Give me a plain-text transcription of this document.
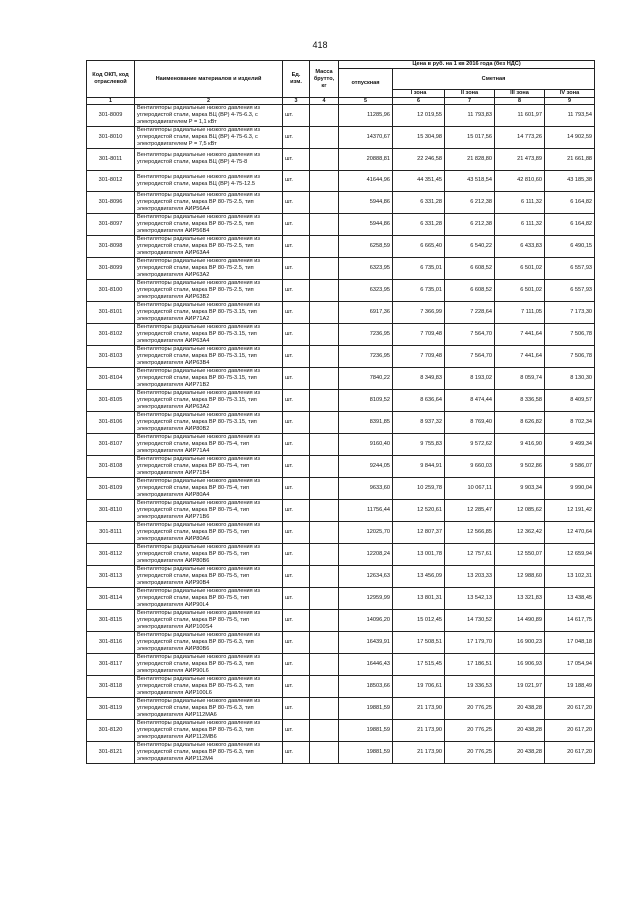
418
Код ОКП, код отраслевой	Наименование материалов и изделий	Ед. изм.	Масса брутто, кг	Цена в руб. на 1 кв 2016 года (без НДС)				
				отпускная	Сметная			
					I зона	II зона	III зона	IV зона
1	2	3	4	5	6	7	8	9
301-8009	Вентиляторы радиальные низкого давления из углеродистой стали, марка ВЦ (ВР) 4-75-6.3, с электродвигателем Р = 1,1 кВт	шт.		11285,96	12 019,55	11 793,83	11 601,97	11 793,54
301-8010	Вентиляторы радиальные низкого давления из углеродистой стали, марка ВЦ (ВР) 4-75-6.3, с электродвигателем Р = 7,5 кВт	шт.		14370,67	15 304,98	15 017,56	14 773,26	14 902,59
301-8011	Вентиляторы радиальные низкого давления из углеродистой стали, марка ВЦ (ВР) 4-75-8	шт.		20888,81	22 246,58	21 828,80	21 473,89	21 661,88
301-8012	Вентиляторы радиальные низкого давления из углеродистой стали, марка ВЦ (ВР) 4-75-12.5	шт.		41644,96	44 351,45	43 518,54	42 810,60	43 185,38
301-8096	Вентиляторы радиальные низкого давления из углеродистой стали, марка ВР 80-75-2.5, тип электродвигателя АИР56А4	шт.		5944,86	6 331,28	6 212,38	6 111,32	6 164,82
301-8097	Вентиляторы радиальные низкого давления из углеродистой стали, марка ВР 80-75-2.5, тип электродвигателя АИР56В4	шт.		5944,86	6 331,28	6 212,38	6 111,32	6 164,82
301-8098	Вентиляторы радиальные низкого давления из углеродистой стали, марка ВР 80-75-2.5, тип электродвигателя АИР63А4	шт.		6258,59	6 665,40	6 540,22	6 433,83	6 490,15
301-8099	Вентиляторы радиальные низкого давления из углеродистой стали, марка ВР 80-75-2.5, тип электродвигателя АИР63А2	шт.		6323,95	6 735,01	6 608,52	6 501,02	6 557,93
301-8100	Вентиляторы радиальные низкого давления из углеродистой стали, марка ВР 80-75-2.5, тип электродвигателя АИР63В2	шт.		6323,95	6 735,01	6 608,52	6 501,02	6 557,93
301-8101	Вентиляторы радиальные низкого давления из углеродистой стали, марка ВР 80-75-3.15, тип электродвигателя АИР71А2	шт.		6917,36	7 366,99	7 228,64	7 111,05	7 173,30
301-8102	Вентиляторы радиальные низкого давления из углеродистой стали, марка ВР 80-75-3.15, тип электродвигателя АИР63А4	шт.		7236,95	7 709,48	7 564,70	7 441,64	7 506,78
301-8103	Вентиляторы радиальные низкого давления из углеродистой стали, марка ВР 80-75-3.15, тип электродвигателя АИР63В4	шт.		7236,95	7 709,48	7 564,70	7 441,64	7 506,78
301-8104	Вентиляторы радиальные низкого давления из углеродистой стали, марка ВР 80-75-3.15, тип электродвигателя АИР71В2	шт.		7840,22	8 349,83	8 193,02	8 059,74	8 130,30
301-8105	Вентиляторы радиальные низкого давления из углеродистой стали, марка ВР 80-75-3.15, тип электродвигателя АИР63А2	шт.		8109,52	8 636,64	8 474,44	8 336,58	8 409,57
301-8106	Вентиляторы радиальные низкого давления из углеродистой стали, марка ВР 80-75-3.15, тип электродвигателя АИР80В2	шт.		8391,85	8 937,32	8 769,40	8 626,82	8 702,34
301-8107	Вентиляторы радиальные низкого давления из углеродистой стали, марка ВР 80-75-4, тип электродвигателя АИР71А4	шт.		9160,40	9 755,83	9 572,62	9 416,90	9 499,34
301-8108	Вентиляторы радиальные низкого давления из углеродистой стали, марка ВР 80-75-4, тип электродвигателя АИР71В4	шт.		9244,05	9 844,91	9 660,03	9 502,86	9 586,07
301-8109	Вентиляторы радиальные низкого давления из углеродистой стали, марка ВР 80-75-4, тип электродвигателя АИР80А4	шт.		9633,60	10 259,78	10 067,11	9 903,34	9 990,04
301-8110	Вентиляторы радиальные низкого давления из углеродистой стали, марка ВР 80-75-4, тип электродвигателя АИР71В6	шт.		11756,44	12 520,61	12 285,47	12 085,62	12 191,42
301-8111	Вентиляторы радиальные низкого давления из углеродистой стали, марка ВР 80-75-5, тип электродвигателя АИР80А6	шт.		12025,70	12 807,37	12 566,85	12 362,42	12 470,64
301-8112	Вентиляторы радиальные низкого давления из углеродистой стали, марка ВР 80-75-5, тип электродвигателя АИР80В6	шт.		12208,24	13 001,78	12 757,61	12 550,07	12 659,94
301-8113	Вентиляторы радиальные низкого давления из углеродистой стали, марка ВР 80-75-5, тип электродвигателя АИР90В4	шт.		12634,63	13 456,09	13 203,33	12 988,60	13 102,31
301-8114	Вентиляторы радиальные низкого давления из углеродистой стали, марка ВР 80-75-5, тип электродвигателя АИР90L4	шт.		12959,99	13 801,31	13 542,13	13 321,83	13 438,45
301-8115	Вентиляторы радиальные низкого давления из углеродистой стали, марка ВР 80-75-5, тип электродвигателя АИР100S4	шт.		14096,20	15 012,45	14 730,52	14 490,89	14 617,75
301-8116	Вентиляторы радиальные низкого давления из углеродистой стали, марка ВР 80-75-6.3, тип электродвигателя АИР80В6	шт.		16439,91	17 508,51	17 179,70	16 900,23	17 048,18
301-8117	Вентиляторы радиальные низкого давления из углеродистой стали, марка ВР 80-75-6.3, тип электродвигателя АИР90L6	шт.		16446,43	17 515,45	17 186,51	16 906,93	17 054,94
301-8118	Вентиляторы радиальные низкого давления из углеродистой стали, марка ВР 80-75-6.3, тип электродвигателя АИР100L6	шт.		18503,66	19 706,61	19 336,53	19 021,97	19 188,49
301-8119	Вентиляторы радиальные низкого давления из углеродистой стали, марка ВР 80-75-6.3, тип электродвигателя АИР112МА6	шт.		19881,59	21 173,90	20 776,25	20 438,28	20 617,20
301-8120	Вентиляторы радиальные низкого давления из углеродистой стали, марка ВР 80-75-6.3, тип электродвигателя АИР112МВ6	шт.		19881,59	21 173,90	20 776,25	20 438,28	20 617,20
301-8121	Вентиляторы радиальные низкого давления из углеродистой стали, марка ВР 80-75-6.3, тип электродвигателя АИР112М4	шт.		19881,59	21 173,90	20 776,25	20 438,28	20 617,20
